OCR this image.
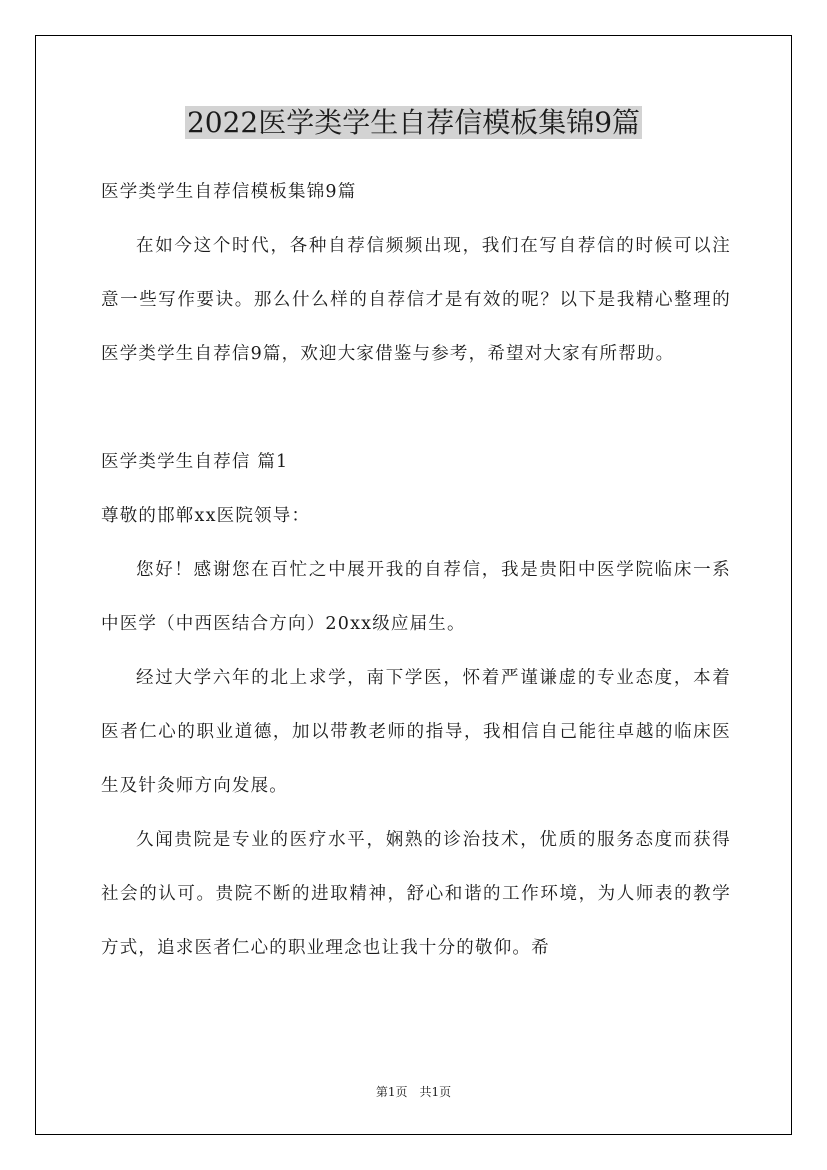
2022医学类学生自荐信模板集锦9篇

医学类学生自荐信模板集锦9篇

在如今这个时代，各种自荐信频频出现，我们在写自荐信的时候可以注意一些写作要诀。那么什么样的自荐信才是有效的呢？以下是我精心整理的医学类学生自荐信9篇，欢迎大家借鉴与参考，希望对大家有所帮助。

医学类学生自荐信 篇1

尊敬的邯郸xx医院领导：

您好！感谢您在百忙之中展开我的自荐信，我是贵阳中医学院临床一系中医学（中西医结合方向）20xx级应届生。

经过大学六年的北上求学，南下学医，怀着严谨谦虚的专业态度，本着医者仁心的职业道德，加以带教老师的指导，我相信自己能往卓越的临床医生及针灸师方向发展。

久闻贵院是专业的医疗水平，娴熟的诊治技术，优质的服务态度而获得社会的认可。贵院不断的进取精神，舒心和谐的工作环境，为人师表的教学方式，追求医者仁心的职业理念也让我十分的敬仰。希

第1页　共1页
